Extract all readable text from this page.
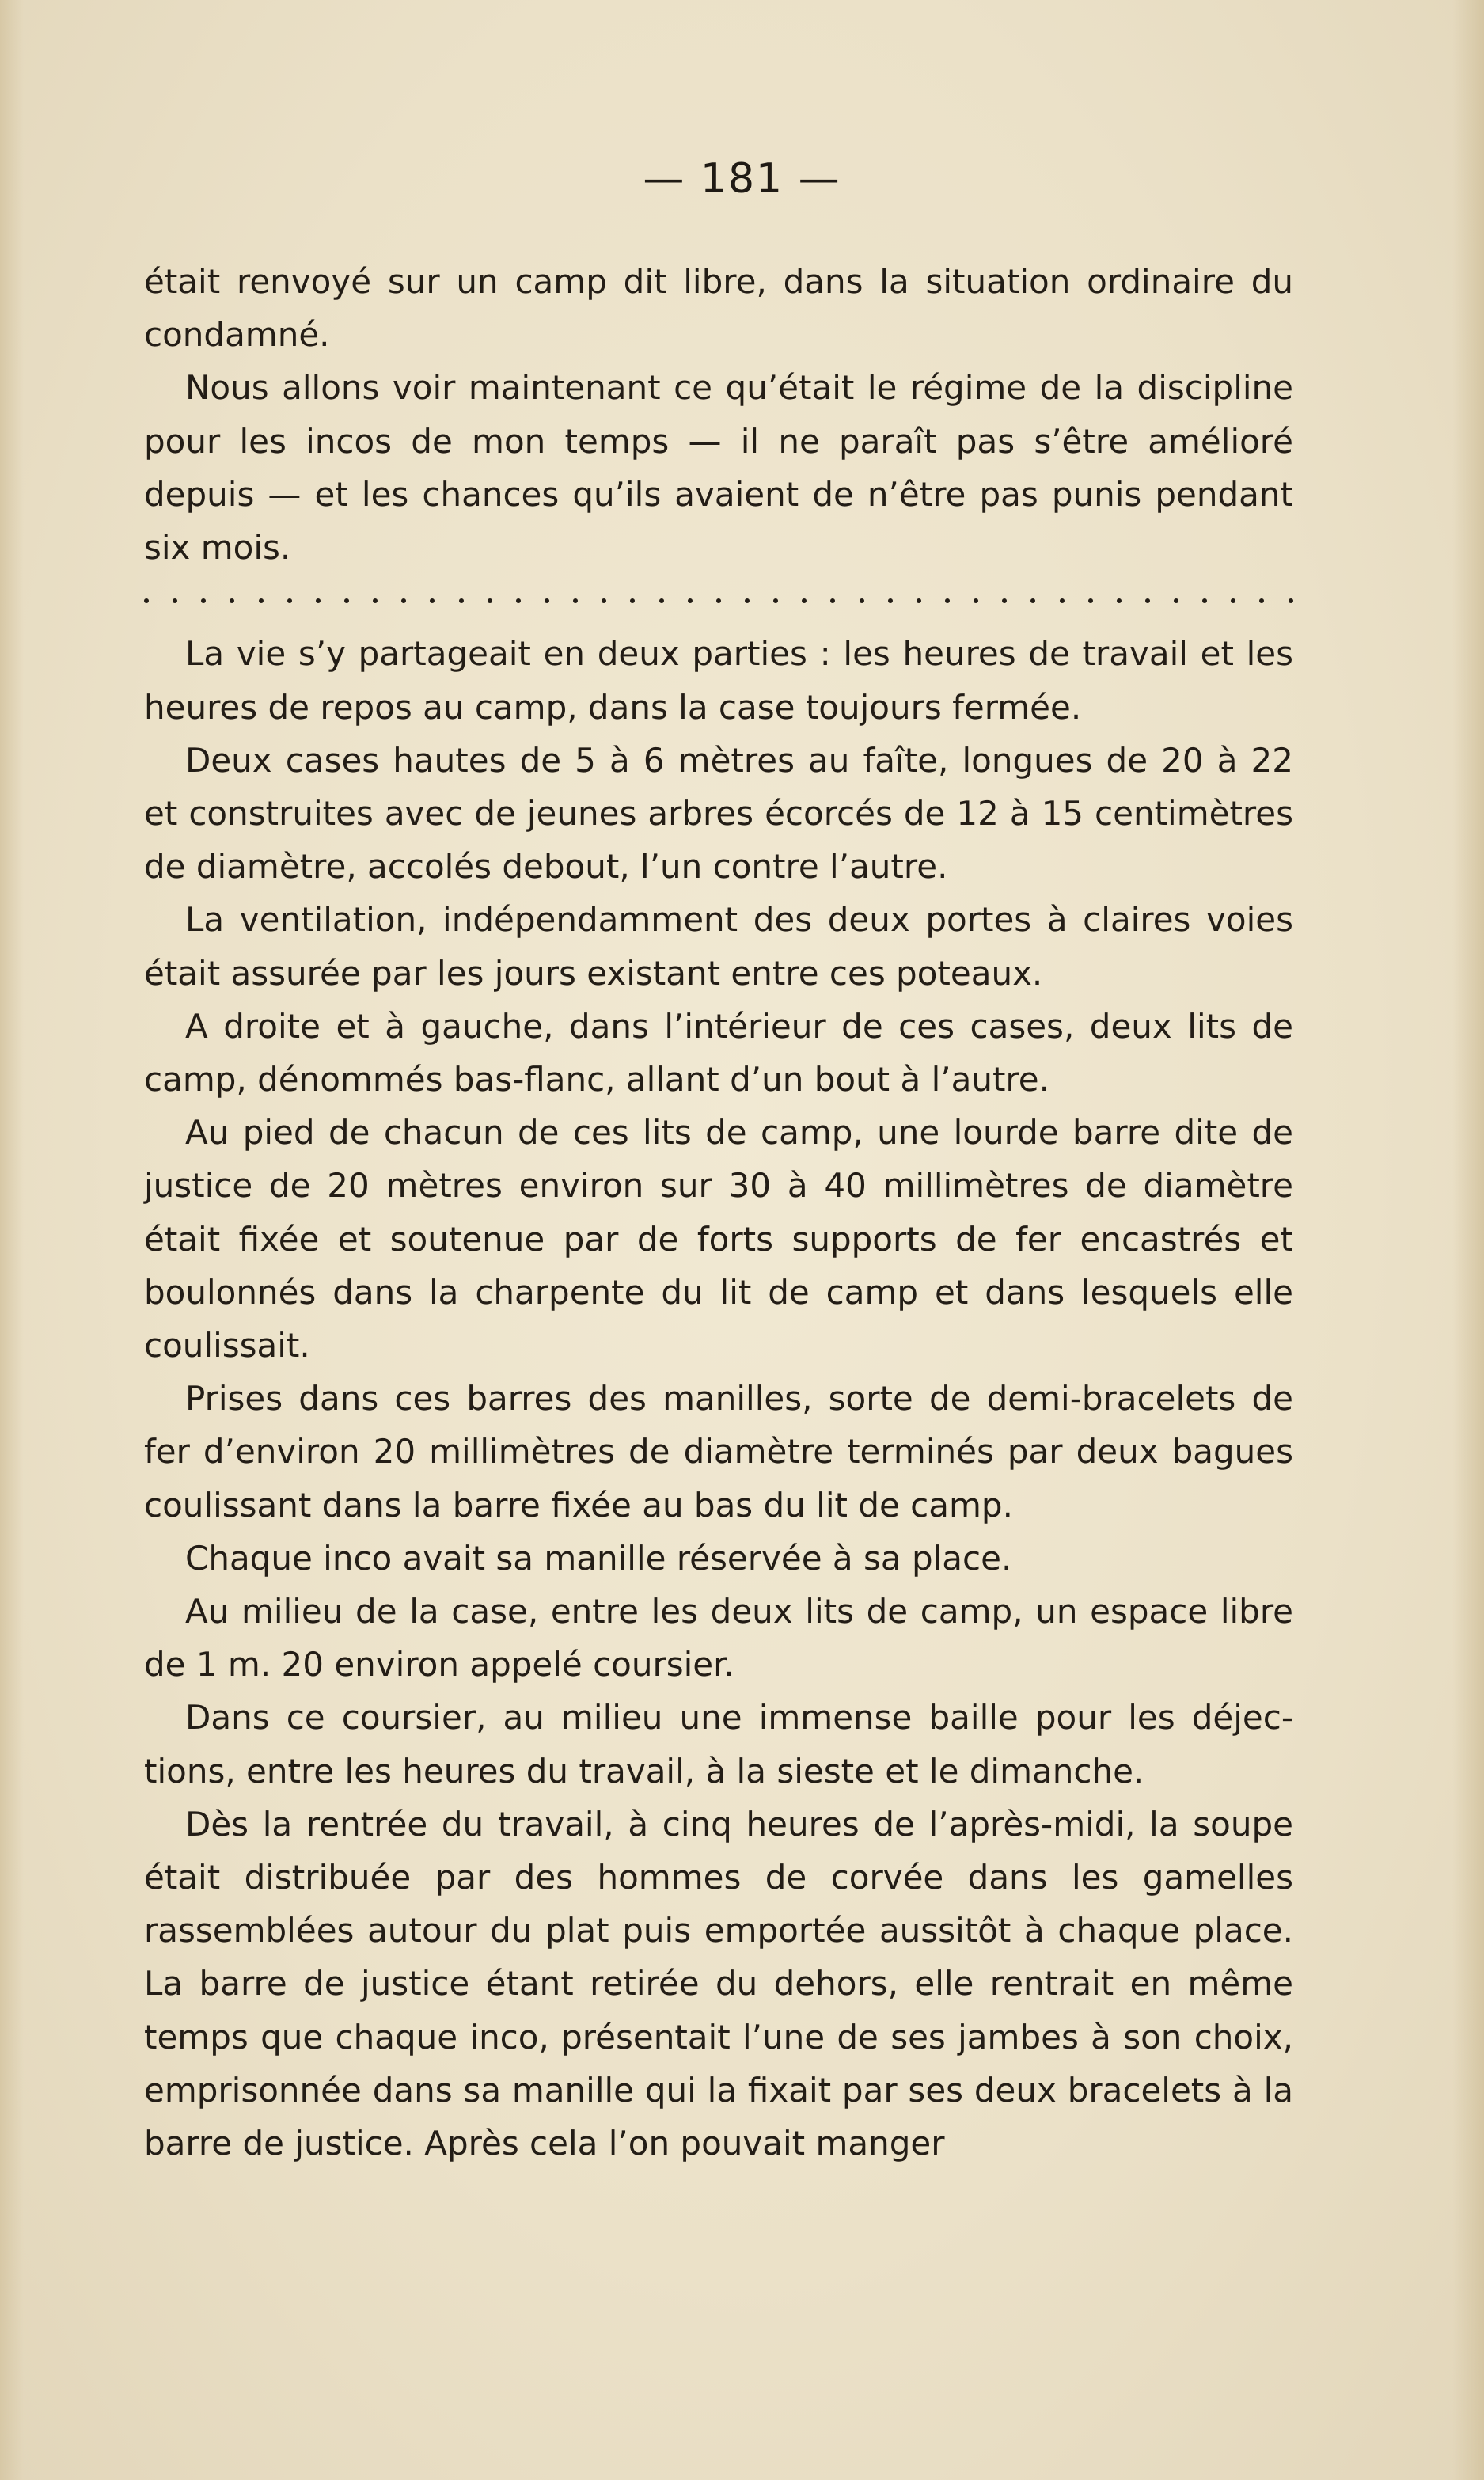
— 181 —

était renvoyé sur un camp dit libre, dans la situation ordinaire du condamné.

Nous allons voir maintenant ce qu’était le régime de la discipline pour les incos de mon temps — il ne paraît pas s’être amélioré depuis — et les chances qu’ils avaient de n’être pas punis pendant six mois.

La vie s’y partageait en deux parties : les heures de travail et les heures de repos au camp, dans la case toujours fermée.

Deux cases hautes de 5 à 6 mètres au faîte, longues de 20 à 22 et construites avec de jeunes arbres écorcés de 12 à 15 centimètres de diamètre, accolés debout, l’un contre l’autre.

La ventilation, indépendamment des deux portes à claires voies était assurée par les jours existant entre ces poteaux.

A droite et à gauche, dans l’intérieur de ces cases, deux lits de camp, dénommés bas-flanc, allant d’un bout à l’autre.

Au pied de chacun de ces lits de camp, une lourde barre dite de justice de 20 mètres environ sur 30 à 40 millimètres de diamètre était fixée et soutenue par de forts supports de fer encastrés et boulonnés dans la charpente du lit de camp et dans lesquels elle coulissait.

Prises dans ces barres des manilles, sorte de demi-bracelets de fer d’environ 20 millimètres de diamètre terminés par deux bagues coulissant dans la barre fixée au bas du lit de camp.

Chaque inco avait sa manille réservée à sa place.

Au milieu de la case, entre les deux lits de camp, un espace libre de 1 m. 20 environ appelé coursier.

Dans ce coursier, au milieu une immense baille pour les déjections, entre les heures du travail, à la sieste et le dimanche.

Dès la rentrée du travail, à cinq heures de l’après-midi, la soupe était distribuée par des hommes de corvée dans les gamelles rassemblées autour du plat puis emportée aussitôt à chaque place. La barre de justice étant retirée du dehors, elle rentrait en même temps que chaque inco, présentait l’une de ses jambes à son choix, emprisonnée dans sa manille qui la fixait par ses deux bracelets à la barre de justice. Après cela l’on pouvait manger
